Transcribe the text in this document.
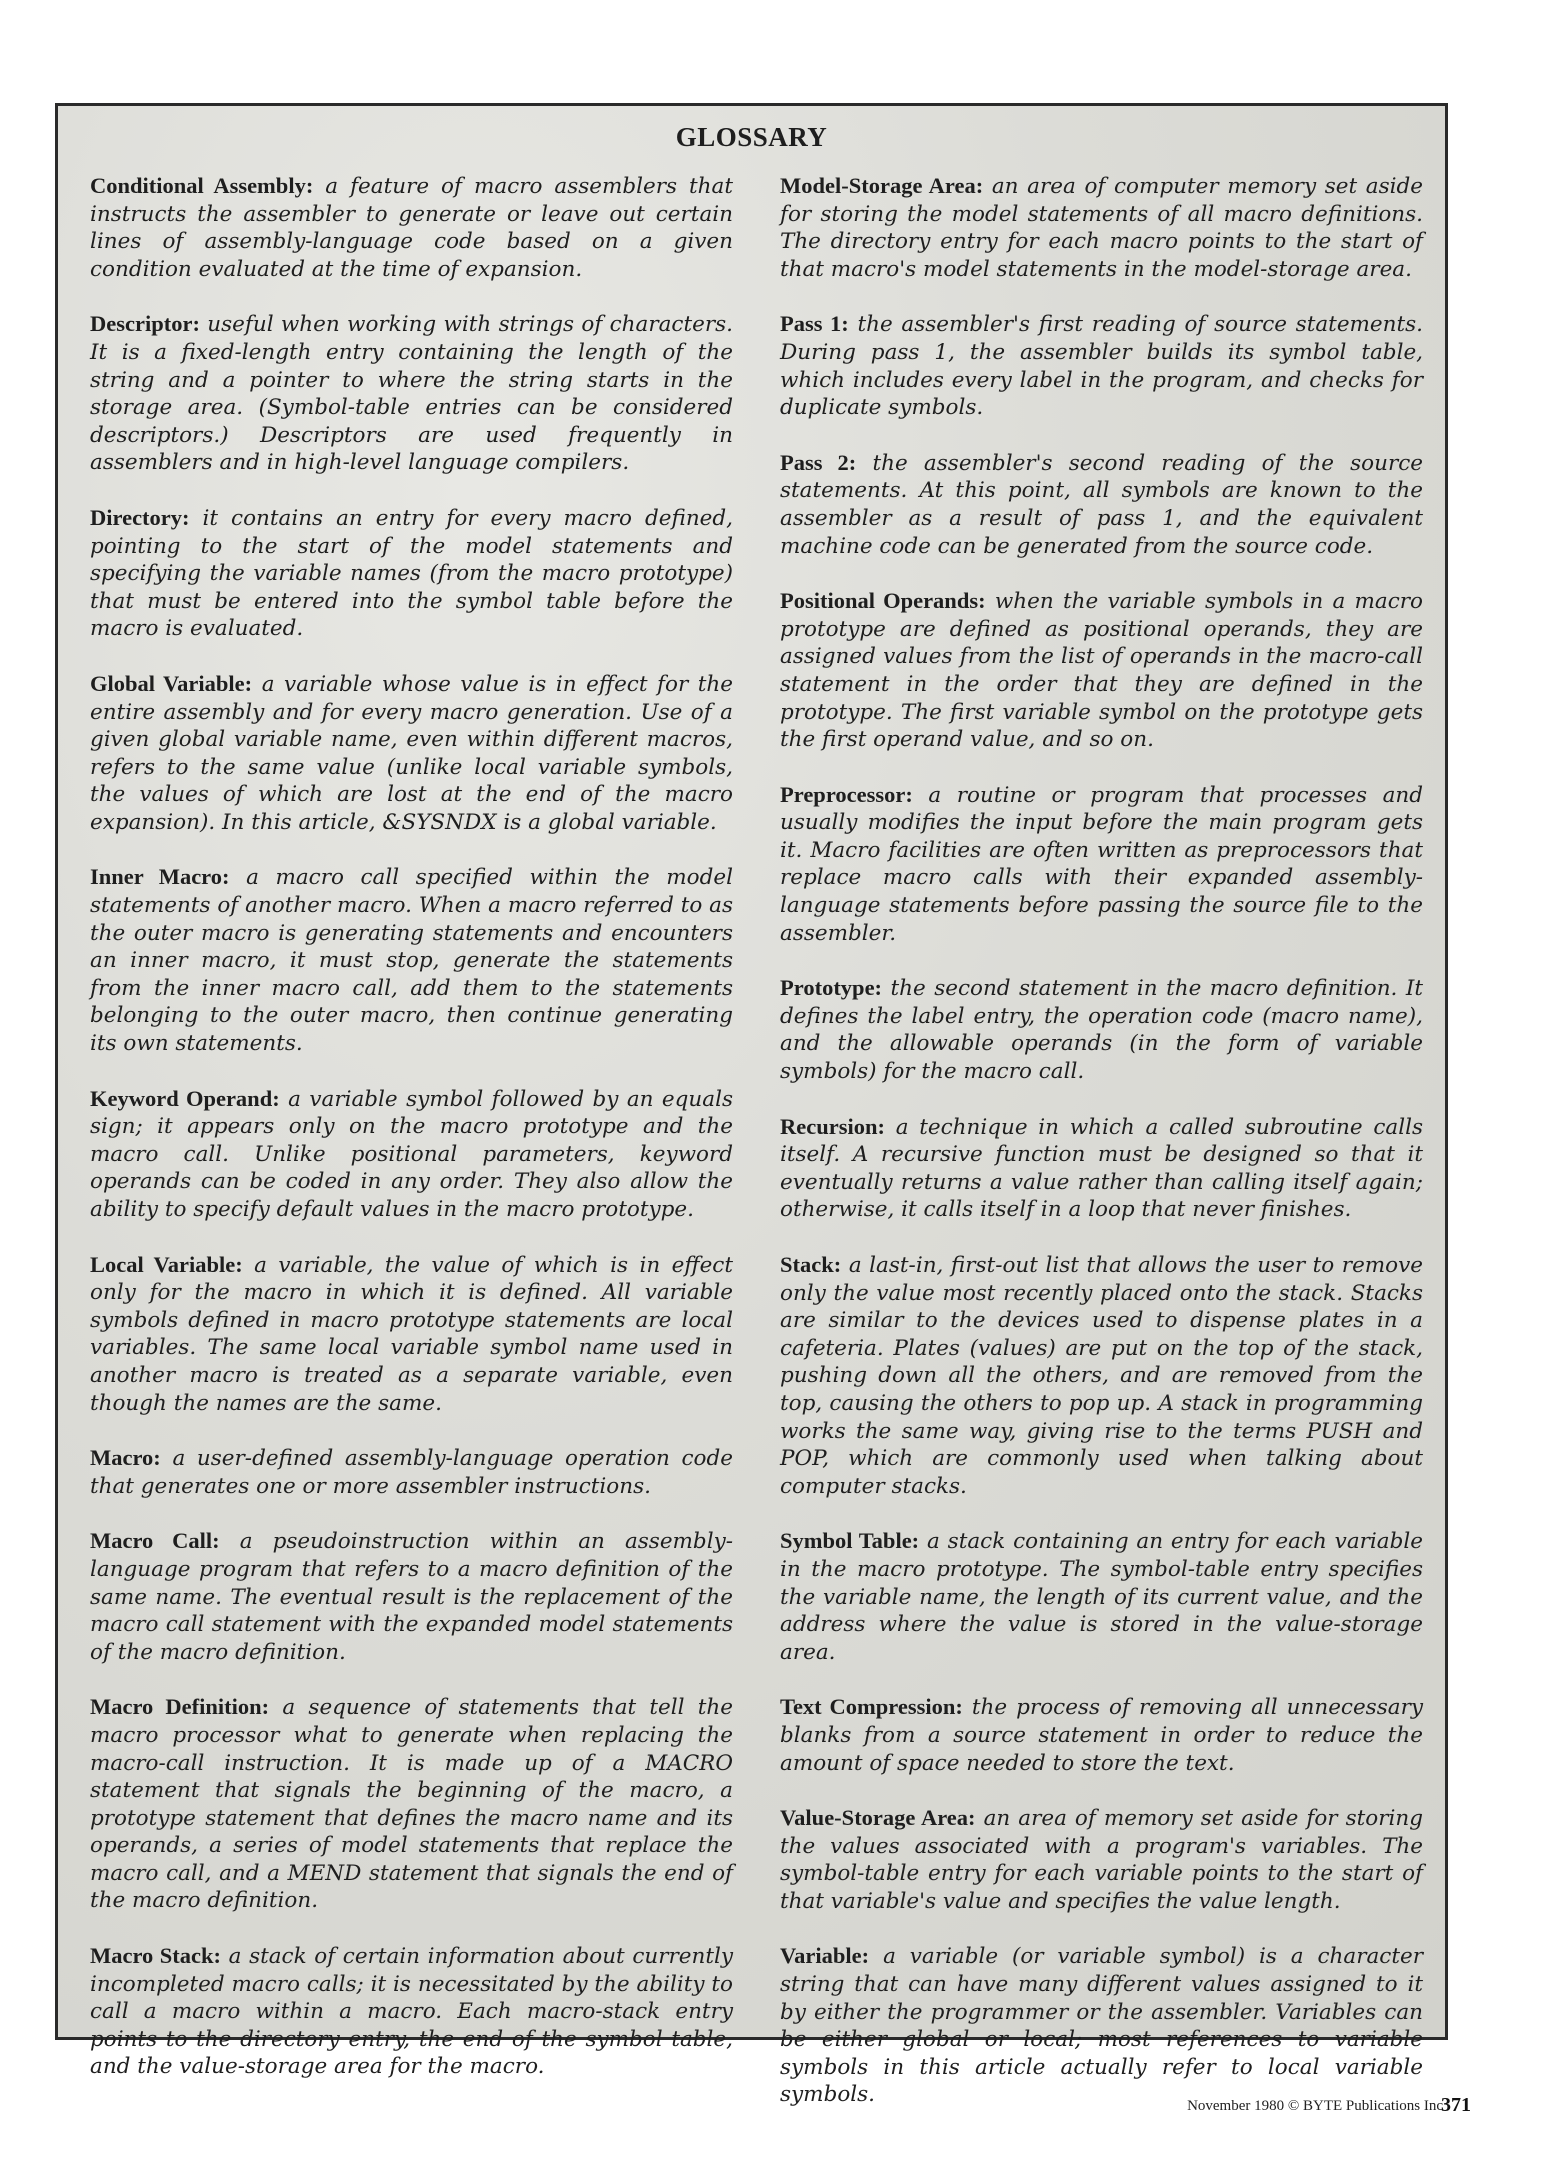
GLOSSARY

Conditional Assembly: a feature of macro assemblers that instructs the assembler to generate or leave out certain lines of assembly-language code based on a given condition evaluated at the time of expansion.

Descriptor: useful when working with strings of characters. It is a fixed-length entry containing the length of the string and a pointer to where the string starts in the storage area. (Symbol-table entries can be considered descriptors.) Descriptors are used frequently in assemblers and in high-level language compilers.

Directory: it contains an entry for every macro defined, pointing to the start of the model statements and specifying the variable names (from the macro prototype) that must be entered into the symbol table before the macro is evaluated.

Global Variable: a variable whose value is in effect for the entire assembly and for every macro generation. Use of a given global variable name, even within different macros, refers to the same value (unlike local variable symbols, the values of which are lost at the end of the macro expansion). In this article, &SYSNDX is a global variable.

Inner Macro: a macro call specified within the model statements of another macro. When a macro referred to as the outer macro is generating statements and encounters an inner macro, it must stop, generate the statements from the inner macro call, add them to the statements belonging to the outer macro, then continue generating its own statements.

Keyword Operand: a variable symbol followed by an equals sign; it appears only on the macro prototype and the macro call. Unlike positional parameters, keyword operands can be coded in any order. They also allow the ability to specify default values in the macro prototype.

Local Variable: a variable, the value of which is in effect only for the macro in which it is defined. All variable symbols defined in macro prototype statements are local variables. The same local variable symbol name used in another macro is treated as a separate variable, even though the names are the same.

Macro: a user-defined assembly-language operation code that generates one or more assembler instructions.

Macro Call: a pseudoinstruction within an assembly-language program that refers to a macro definition of the same name. The eventual result is the replacement of the macro call statement with the expanded model statements of the macro definition.

Macro Definition: a sequence of statements that tell the macro processor what to generate when replacing the macro-call instruction. It is made up of a MACRO statement that signals the beginning of the macro, a prototype statement that defines the macro name and its operands, a series of model statements that replace the macro call, and a MEND statement that signals the end of the macro definition.

Macro Stack: a stack of certain information about currently incompleted macro calls; it is necessitated by the ability to call a macro within a macro. Each macro-stack entry points to the directory entry, the end of the symbol table, and the value-storage area for the macro.

Model-Storage Area: an area of computer memory set aside for storing the model statements of all macro definitions. The directory entry for each macro points to the start of that macro's model statements in the model-storage area.

Pass 1: the assembler's first reading of source statements. During pass 1, the assembler builds its symbol table, which includes every label in the program, and checks for duplicate symbols.

Pass 2: the assembler's second reading of the source statements. At this point, all symbols are known to the assembler as a result of pass 1, and the equivalent machine code can be generated from the source code.

Positional Operands: when the variable symbols in a macro prototype are defined as positional operands, they are assigned values from the list of operands in the macro-call statement in the order that they are defined in the prototype. The first variable symbol on the prototype gets the first operand value, and so on.

Preprocessor: a routine or program that processes and usually modifies the input before the main program gets it. Macro facilities are often written as preprocessors that replace macro calls with their expanded assembly-language statements before passing the source file to the assembler.

Prototype: the second statement in the macro definition. It defines the label entry, the operation code (macro name), and the allowable operands (in the form of variable symbols) for the macro call.

Recursion: a technique in which a called subroutine calls itself. A recursive function must be designed so that it eventually returns a value rather than calling itself again; otherwise, it calls itself in a loop that never finishes.

Stack: a last-in, first-out list that allows the user to remove only the value most recently placed onto the stack. Stacks are similar to the devices used to dispense plates in a cafeteria. Plates (values) are put on the top of the stack, pushing down all the others, and are removed from the top, causing the others to pop up. A stack in programming works the same way, giving rise to the terms PUSH and POP, which are commonly used when talking about computer stacks.

Symbol Table: a stack containing an entry for each variable in the macro prototype. The symbol-table entry specifies the variable name, the length of its current value, and the address where the value is stored in the value-storage area.

Text Compression: the process of removing all unnecessary blanks from a source statement in order to reduce the amount of space needed to store the text.

Value-Storage Area: an area of memory set aside for storing the values associated with a program's variables. The symbol-table entry for each variable points to the start of that variable's value and specifies the value length.

Variable: a variable (or variable symbol) is a character string that can have many different values assigned to it by either the programmer or the assembler. Variables can be either global or local; most references to variable symbols in this article actually refer to local variable symbols.	November 1980 © BYTE Publications Inc
371
